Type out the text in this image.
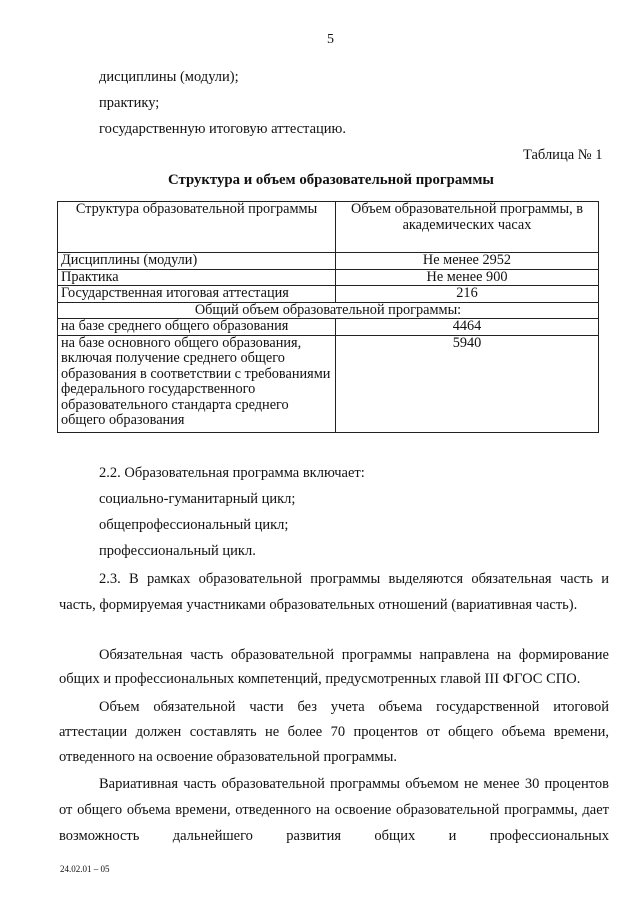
5
дисциплины (модули);
практику;
государственную итоговую аттестацию.
Таблица № 1
Структура и объем образовательной программы
Структура образовательной программы	Объем образовательной программы, в академических часах
Дисциплины (модули)	Не менее 2952
Практика	Не менее 900
Государственная итоговая аттестация	216
Общий объем образовательной программы:	
на базе среднего общего образования	4464
на базе основного общего образования, включая получение среднего общего образования в соответствии с требованиями федерального государственного образовательного стандарта среднего общего образования	5940
2.2. Образовательная программа включает:
социально-гуманитарный цикл;
общепрофессиональный цикл;
профессиональный цикл.
2.3. В рамках образовательной программы выделяются обязательная часть и часть, формируемая участниками образовательных отношений (вариативная часть).
Обязательная часть образовательной программы направлена на формирование общих и профессиональных компетенций, предусмотренных главой III ФГОС СПО.
Объем обязательной части без учета объема государственной итоговой аттестации должен составлять не более 70 процентов от общего объема времени, отведенного на освоение образовательной программы.
Вариативная часть образовательной программы объемом не менее 30 процентов от общего объема времени, отведенного на освоение образовательной программы, дает возможность дальнейшего развития общих и профессиональных
24.02.01 – 05
